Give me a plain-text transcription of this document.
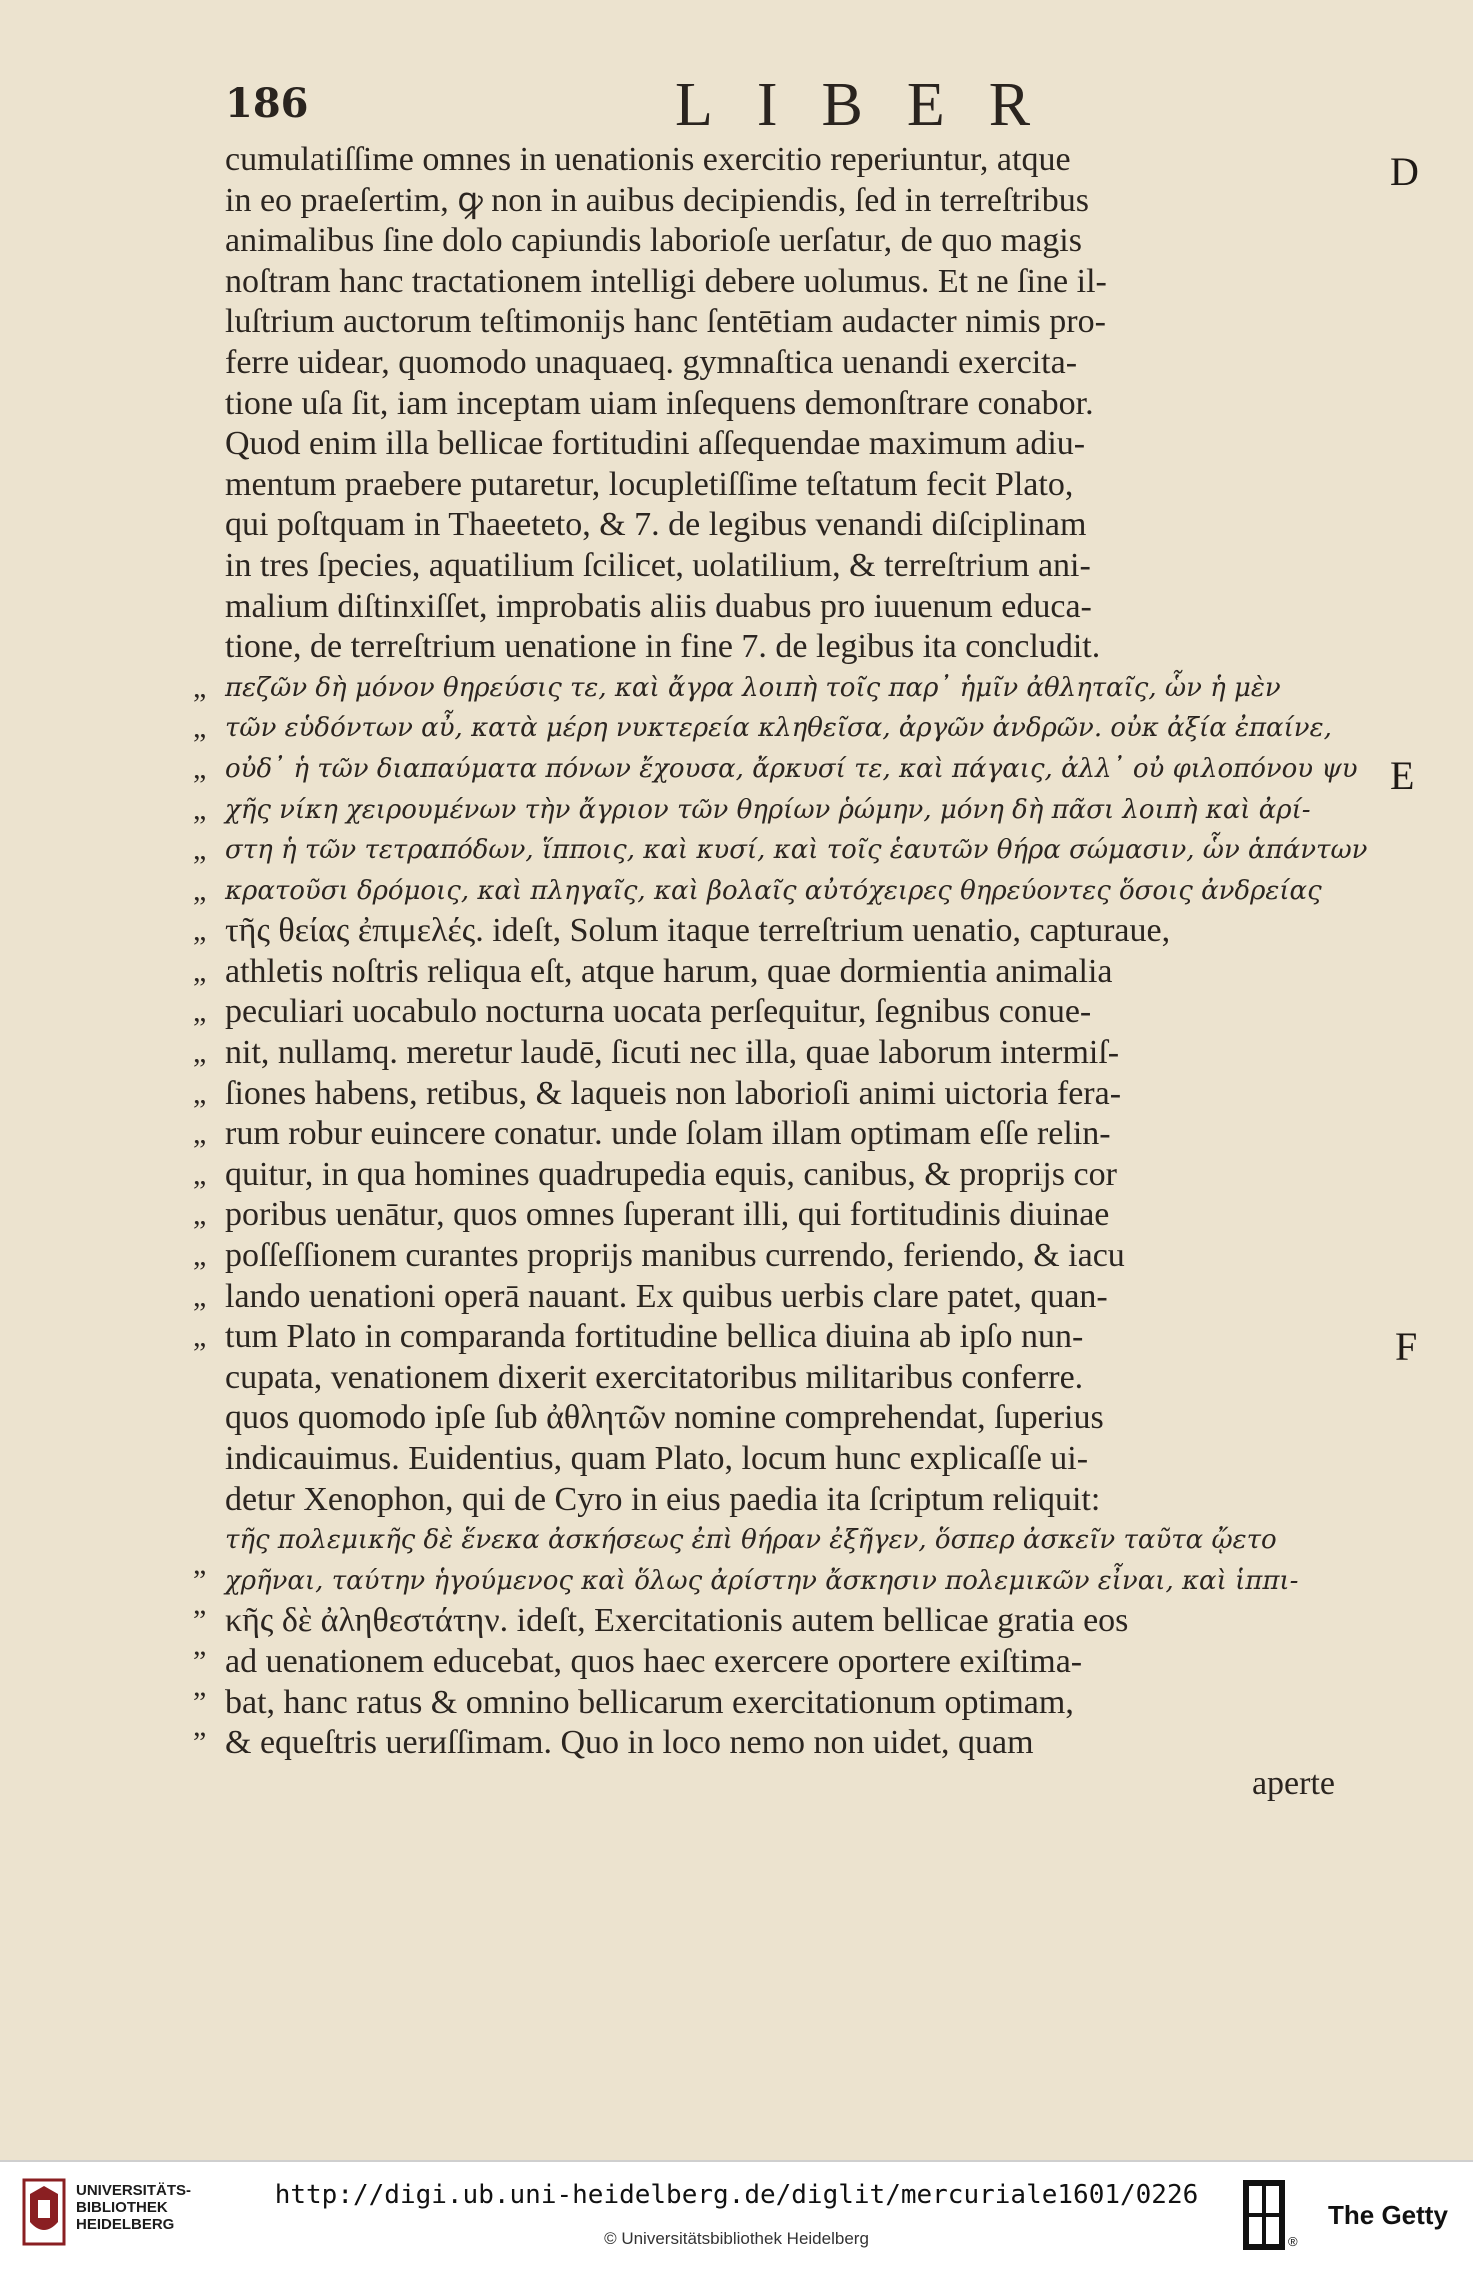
186	LIBER
cumulatiſſime omnes in uenationis exercitio reperiuntur, atque
in eo praeſertim, ꝙ non in auibus decipiendis, ſed in terreſtribus
animalibus ſine dolo capiundis laborioſe uerſatur, de quo magis
noſtram hanc tractationem intelligi debere uolumus. Et ne ſine il-
luſtrium auctorum teſtimonijs hanc ſentētiam audacter nimis pro-
ferre uidear, quomodo unaquaeq. gymnaſtica uenandi exercita-
tione uſa ſit, iam inceptam uiam inſequens demonſtrare conabor.
Quod enim illa bellicae fortitudini aſſequendae maximum adiu-
mentum praebere putaretur, locupletiſſime teſtatum fecit Plato,
qui poſtquam in Thaeeteto, & 7. de legibus venandi diſciplinam
in tres ſpecies, aquatilium ſcilicet, uolatilium, & terreſtrium ani-
malium diſtinxiſſet, improbatis aliis duabus pro iuuenum educa-
tione, de terreſtrium uenatione in fine 7. de legibus ita concludit.
„ πεζῶν δὴ μόνον θηρεύσις τε, καὶ ἄγρα λοιπὴ τοῖς παρ᾽ ἡμῖν ἀθληταῖς, ὧν ἡ μὲν
„ τῶν εὑδόντων αὖ, κατὰ μέρη νυκτερεία κληθεῖσα, ἀργῶν ἀνδρῶν. οὐκ ἀξία ἐπαίνε,
„ οὐδ᾽ ἡ τῶν διαπαύματα πόνων ἔχουσα, ἄρκυσί τε, καὶ πάγαις, ἀλλ᾽ οὐ φιλοπόνου ψυ
„ χῆς νίκη χειρουμένων τὴν ἄγριον τῶν θηρίων ῥώμην, μόνη δὴ πᾶσι λοιπὴ καὶ ἀρί-
„ στη ἡ τῶν τετραπόδων, ἵπποις, καὶ κυσί, καὶ τοῖς ἑαυτῶν θήρα σώμασιν, ὧν ἁπάντων
„ κρατοῦσι δρόμοις, καὶ πληγαῖς, καὶ βολαῖς αὐτόχειρες θηρεύοντες ὅσοις ἀνδρείας
„ τῆς θείας ἐπιμελές. ideſt, Solum itaque terreſtrium uenatio, capturaue,
„ athletis noſtris reliqua eſt, atque harum, quae dormientia animalia
„ peculiari uocabulo nocturna uocata perſequitur, ſegnibus conue-
„ nit, nullamq. meretur laudē, ſicuti nec illa, quae laborum intermiſ-
„ ſiones habens, retibus, & laqueis non laborioſi animi uictoria fera-
„ rum robur euincere conatur. unde ſolam illam optimam eſſe relin-
„ quitur, in qua homines quadrupedia equis, canibus, & proprijs cor
„ poribus uenātur, quos omnes ſuperant illi, qui fortitudinis diuinae
„ poſſeſſionem curantes proprijs manibus currendo, feriendo, & iacu
„ lando uenationi operā nauant. Ex quibus uerbis clare patet, quan-
„ tum Plato in comparanda fortitudine bellica diuina ab ipſo nun-
cupata, venationem dixerit exercitatoribus militaribus conferre.
quos quomodo ipſe ſub ἀθλητῶν nomine comprehendat, ſuperius
indicauimus. Euidentius, quam Plato, locum hunc explicaſſe ui-
detur Xenophon, qui de Cyro in eius paedia ita ſcriptum reliquit:
τῆς πολεμικῆς δὲ ἕνεκα ἀσκήσεως ἐπὶ θήραν ἐξῆγεν, ὅσπερ ἀσκεῖν ταῦτα ᾤετο
” χρῆναι, ταύτην ἡγούμενος καὶ ὅλως ἀρίστην ἄσκησιν πολεμικῶν εἶναι, καὶ ἱππι-
” κῆς δὲ ἀληθεστάτην. ideſt, Exercitationis autem bellicae gratia eos
” ad uenationem educebat, quos haec exercere oportere exiſtima-
” bat, hanc ratus & omnino bellicarum exercitationum optimam,
” & equeſtris uerиſſimam. Quo in loco nemo non uidet, quam
aperte
D
E
F
UNIVERSITÄTS-
BIBLIOTHEK
HEIDELBERG
http://digi.ub.uni-heidelberg.de/diglit/mercuriale1601/0226
© Universitätsbibliothek Heidelberg	®
The Getty
